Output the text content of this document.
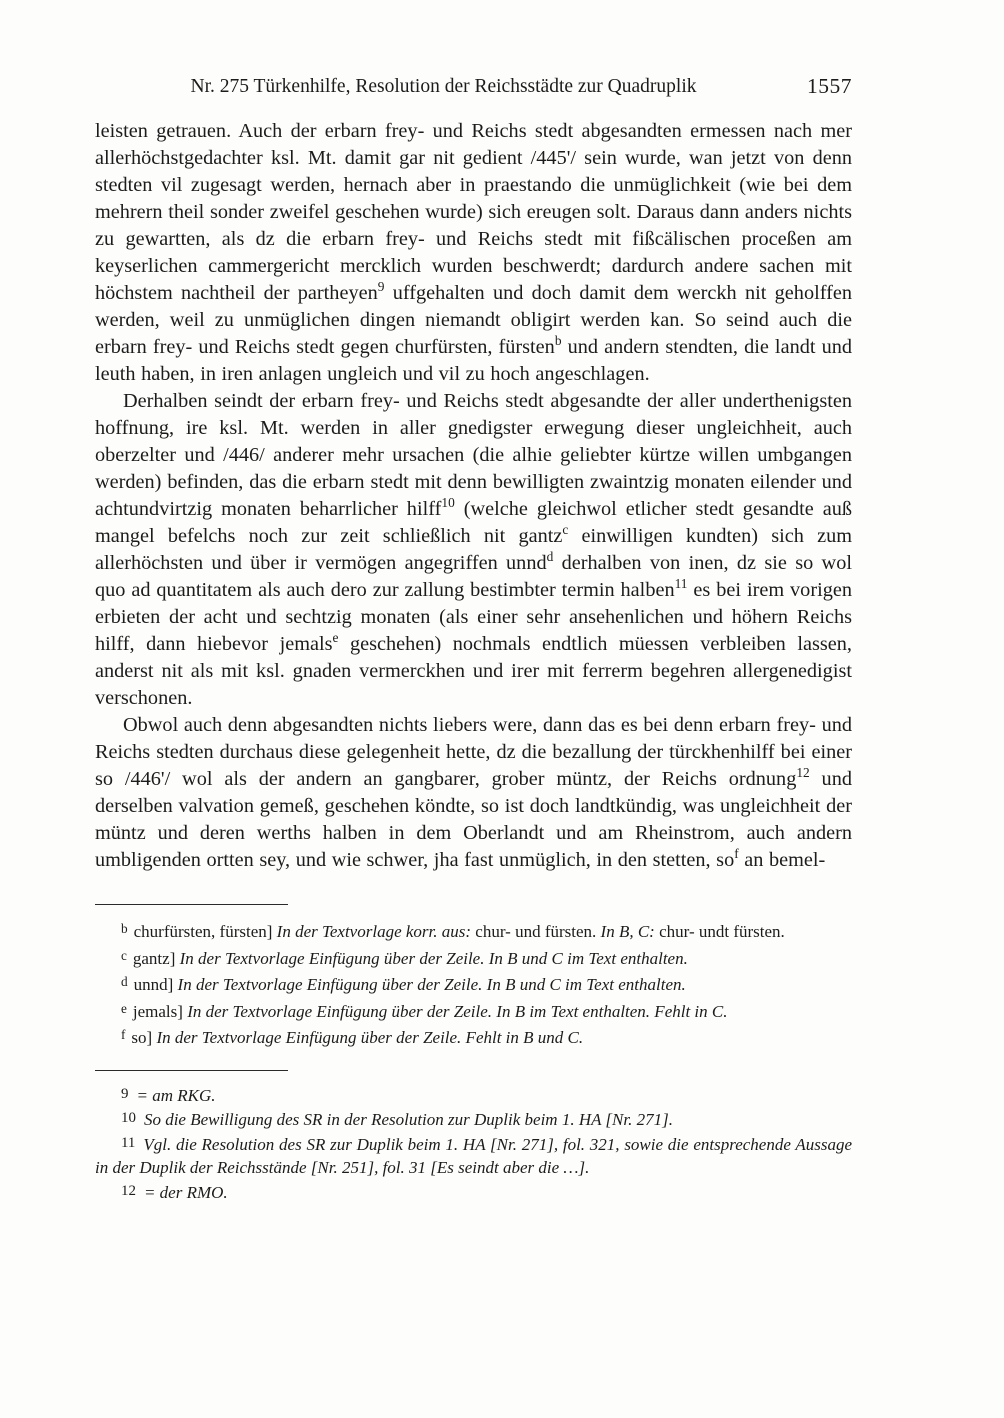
Nr. 275 Türkenhilfe, Resolution der Reichsstädte zur Quadruplik	1557

leisten getrauen. Auch der erbarn frey- und Reichs stedt abgesandten ermessen nach mer allerhöchstgedachter ksl. Mt. damit gar nit gedient /445'/ sein wurde, wan jetzt von denn stedten vil zugesagt werden, hernach aber in praestando die unmüglichkeit (wie bei dem mehrern theil sonder zweifel geschehen wurde) sich ereugen solt. Daraus dann anders nichts zu gewartten, als dz die erbarn frey- und Reichs stedt mit fißcälischen proceßen am keyserlichen cammergericht mercklich wurden beschwerdt; dardurch andere sachen mit höchstem nachtheil der partheyen$^9$ uffgehalten und doch damit dem werckh nit geholffen werden, weil zu unmüglichen dingen niemandt obligirt werden kan. So seind auch die erbarn frey- und Reichs stedt gegen churfürsten, fürsten$^b$ und andern stendten, die landt und leuth haben, in iren anlagen ungleich und vil zu hoch angeschlagen.

Derhalben seindt der erbarn frey- und Reichs stedt abgesandte der aller underthenigsten hoffnung, ire ksl. Mt. werden in aller gnedigster erwegung dieser ungleichheit, auch oberzelter und /446/ anderer mehr ursachen (die alhie geliebter kürtze willen umbgangen werden) befinden, das die erbarn stedt mit denn bewilligten zwaintzig monaten eilender und achtundvirtzig monaten beharrlicher hilff$^{10}$ (welche gleichwol etlicher stedt gesandte auß mangel befelchs noch zur zeit schließlich nit gantz$^c$ einwilligen kundten) sich zum allerhöchsten und über ir vermögen angegriffen unnd$^d$ derhalben von inen, dz sie so wol quo ad quantitatem als auch dero zur zallung bestimbter termin halben$^{11}$ es bei irem vorigen erbieten der acht und sechtzig monaten (als einer sehr ansehenlichen und höhern Reichs hilff, dann hiebevor jemals$^e$ geschehen) nochmals endtlich müessen verbleiben lassen, anderst nit als mit ksl. gnaden vermerckhen und irer mit ferrerm begehren allergenedigist verschonen.

Obwol auch denn abgesandten nichts liebers were, dann das es bei denn erbarn frey- und Reichs stedten durchaus diese gelegenheit hette, dz die bezallung der türckhenhilff bei einer so /446'/ wol als der andern an gangbarer, grober müntz, der Reichs ordnung$^{12}$ und derselben valvation gemeß, geschehen köndte, so ist doch landtkündig, was ungleichheit der müntz und deren werths halben in dem Oberlandt und am Rheinstrom, auch andern umbligenden ortten sey, und wie schwer, jha fast unmüglich, in den stetten, so$^f$ an bemel-

$^b$ churfürsten, fürsten] In der Textvorlage korr. aus: chur- und fürsten. In B, C: chur- undt fürsten.

$^c$ gantz] In der Textvorlage Einfügung über der Zeile. In B und C im Text enthalten.

$^d$ unnd] In der Textvorlage Einfügung über der Zeile. In B und C im Text enthalten.

$^e$ jemals] In der Textvorlage Einfügung über der Zeile. In B im Text enthalten. Fehlt in C.

$^f$ so] In der Textvorlage Einfügung über der Zeile. Fehlt in B und C.

9 = am RKG.

10 So die Bewilligung des SR in der Resolution zur Duplik beim 1. HA [Nr. 271].

11 Vgl. die Resolution des SR zur Duplik beim 1. HA [Nr. 271], fol. 321, sowie die entsprechende Aussage in der Duplik der Reichsstände [Nr. 251], fol. 31 [Es seindt aber die …].

12 = der RMO.
